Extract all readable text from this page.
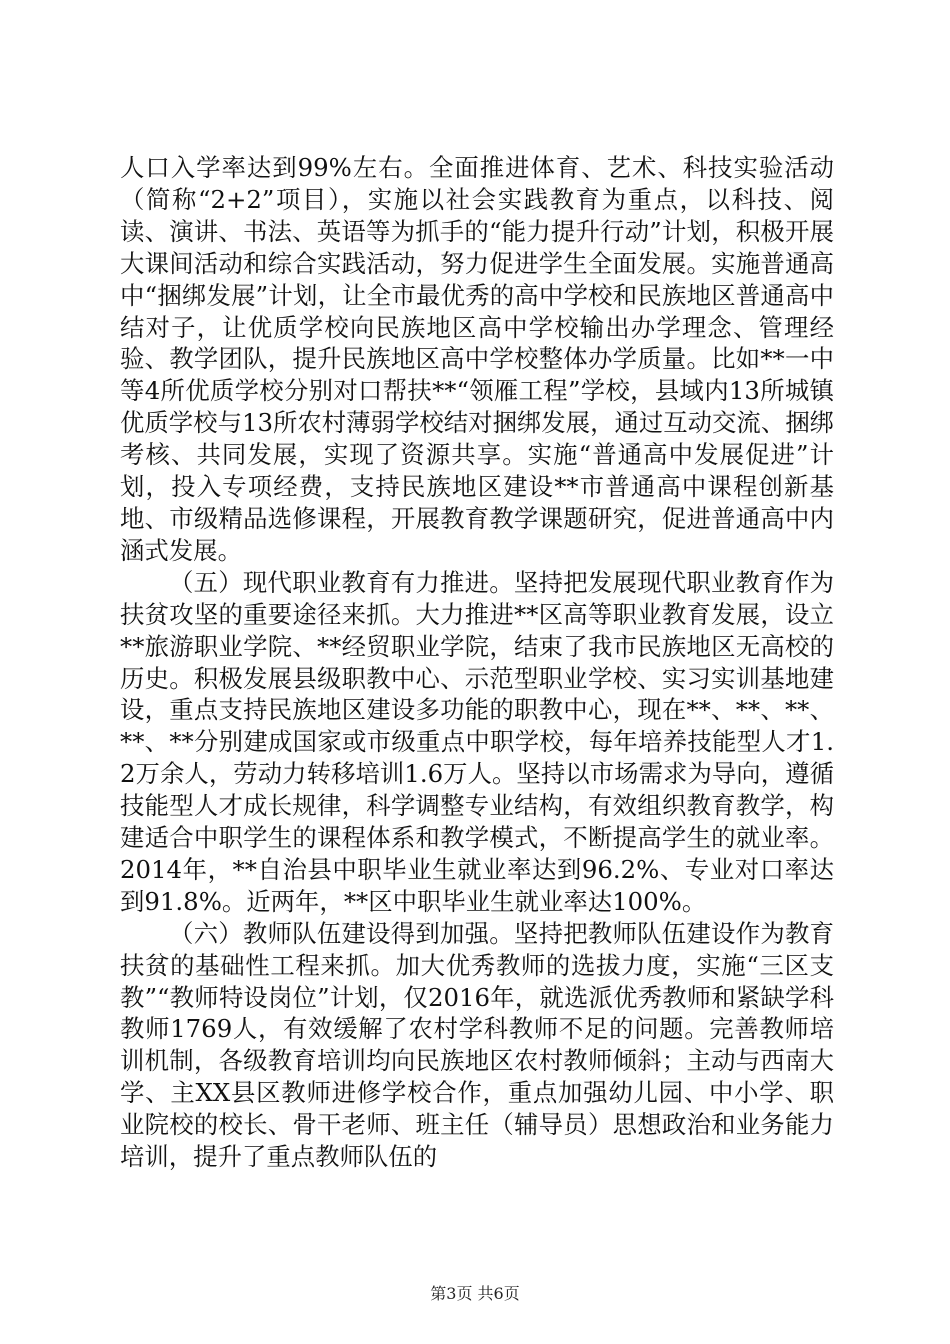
人口入学率达到99%左右。全面推进体育、艺术、科技实验活动（简称“2+2”项目），实施以社会实践教育为重点，以科技、阅读、演讲、书法、英语等为抓手的“能力提升行动”计划，积极开展大课间活动和综合实践活动，努力促进学生全面发展。实施普通高中“捆绑发展”计划，让全市最优秀的高中学校和民族地区普通高中结对子，让优质学校向民族地区高中学校输出办学理念、管理经验、教学团队，提升民族地区高中学校整体办学质量。比如**一中等4所优质学校分别对口帮扶**“领雁工程”学校，县域内13所城镇优质学校与13所农村薄弱学校结对捆绑发展，通过互动交流、捆绑考核、共同发展，实现了资源共享。实施“普通高中发展促进”计划，投入专项经费，支持民族地区建设**市普通高中课程创新基地、市级精品选修课程，开展教育教学课题研究，促进普通高中内涵式发展。

（五）现代职业教育有力推进。坚持把发展现代职业教育作为扶贫攻坚的重要途径来抓。大力推进**区高等职业教育发展，设立**旅游职业学院、**经贸职业学院，结束了我市民族地区无高校的历史。积极发展县级职教中心、示范型职业学校、实习实训基地建设，重点支持民族地区建设多功能的职教中心，现在**、**、**、**、**分别建成国家或市级重点中职学校，每年培养技能型人才1.2万余人，劳动力转移培训1.6万人。坚持以市场需求为导向，遵循技能型人才成长规律，科学调整专业结构，有效组织教育教学，构建适合中职学生的课程体系和教学模式，不断提高学生的就业率。2014年，**自治县中职毕业生就业率达到96.2%、专业对口率达到91.8%。近两年，**区中职毕业生就业率达100%。

（六）教师队伍建设得到加强。坚持把教师队伍建设作为教育扶贫的基础性工程来抓。加大优秀教师的选拔力度，实施“三区支教”“教师特设岗位”计划，仅2016年，就选派优秀教师和紧缺学科教师1769人，有效缓解了农村学科教师不足的问题。完善教师培训机制，各级教育培训均向民族地区农村教师倾斜；主动与西南大学、主XX县区教师进修学校合作，重点加强幼儿园、中小学、职业院校的校长、骨干老师、班主任（辅导员）思想政治和业务能力培训，提升了重点教师队伍的

第3页 共6页
